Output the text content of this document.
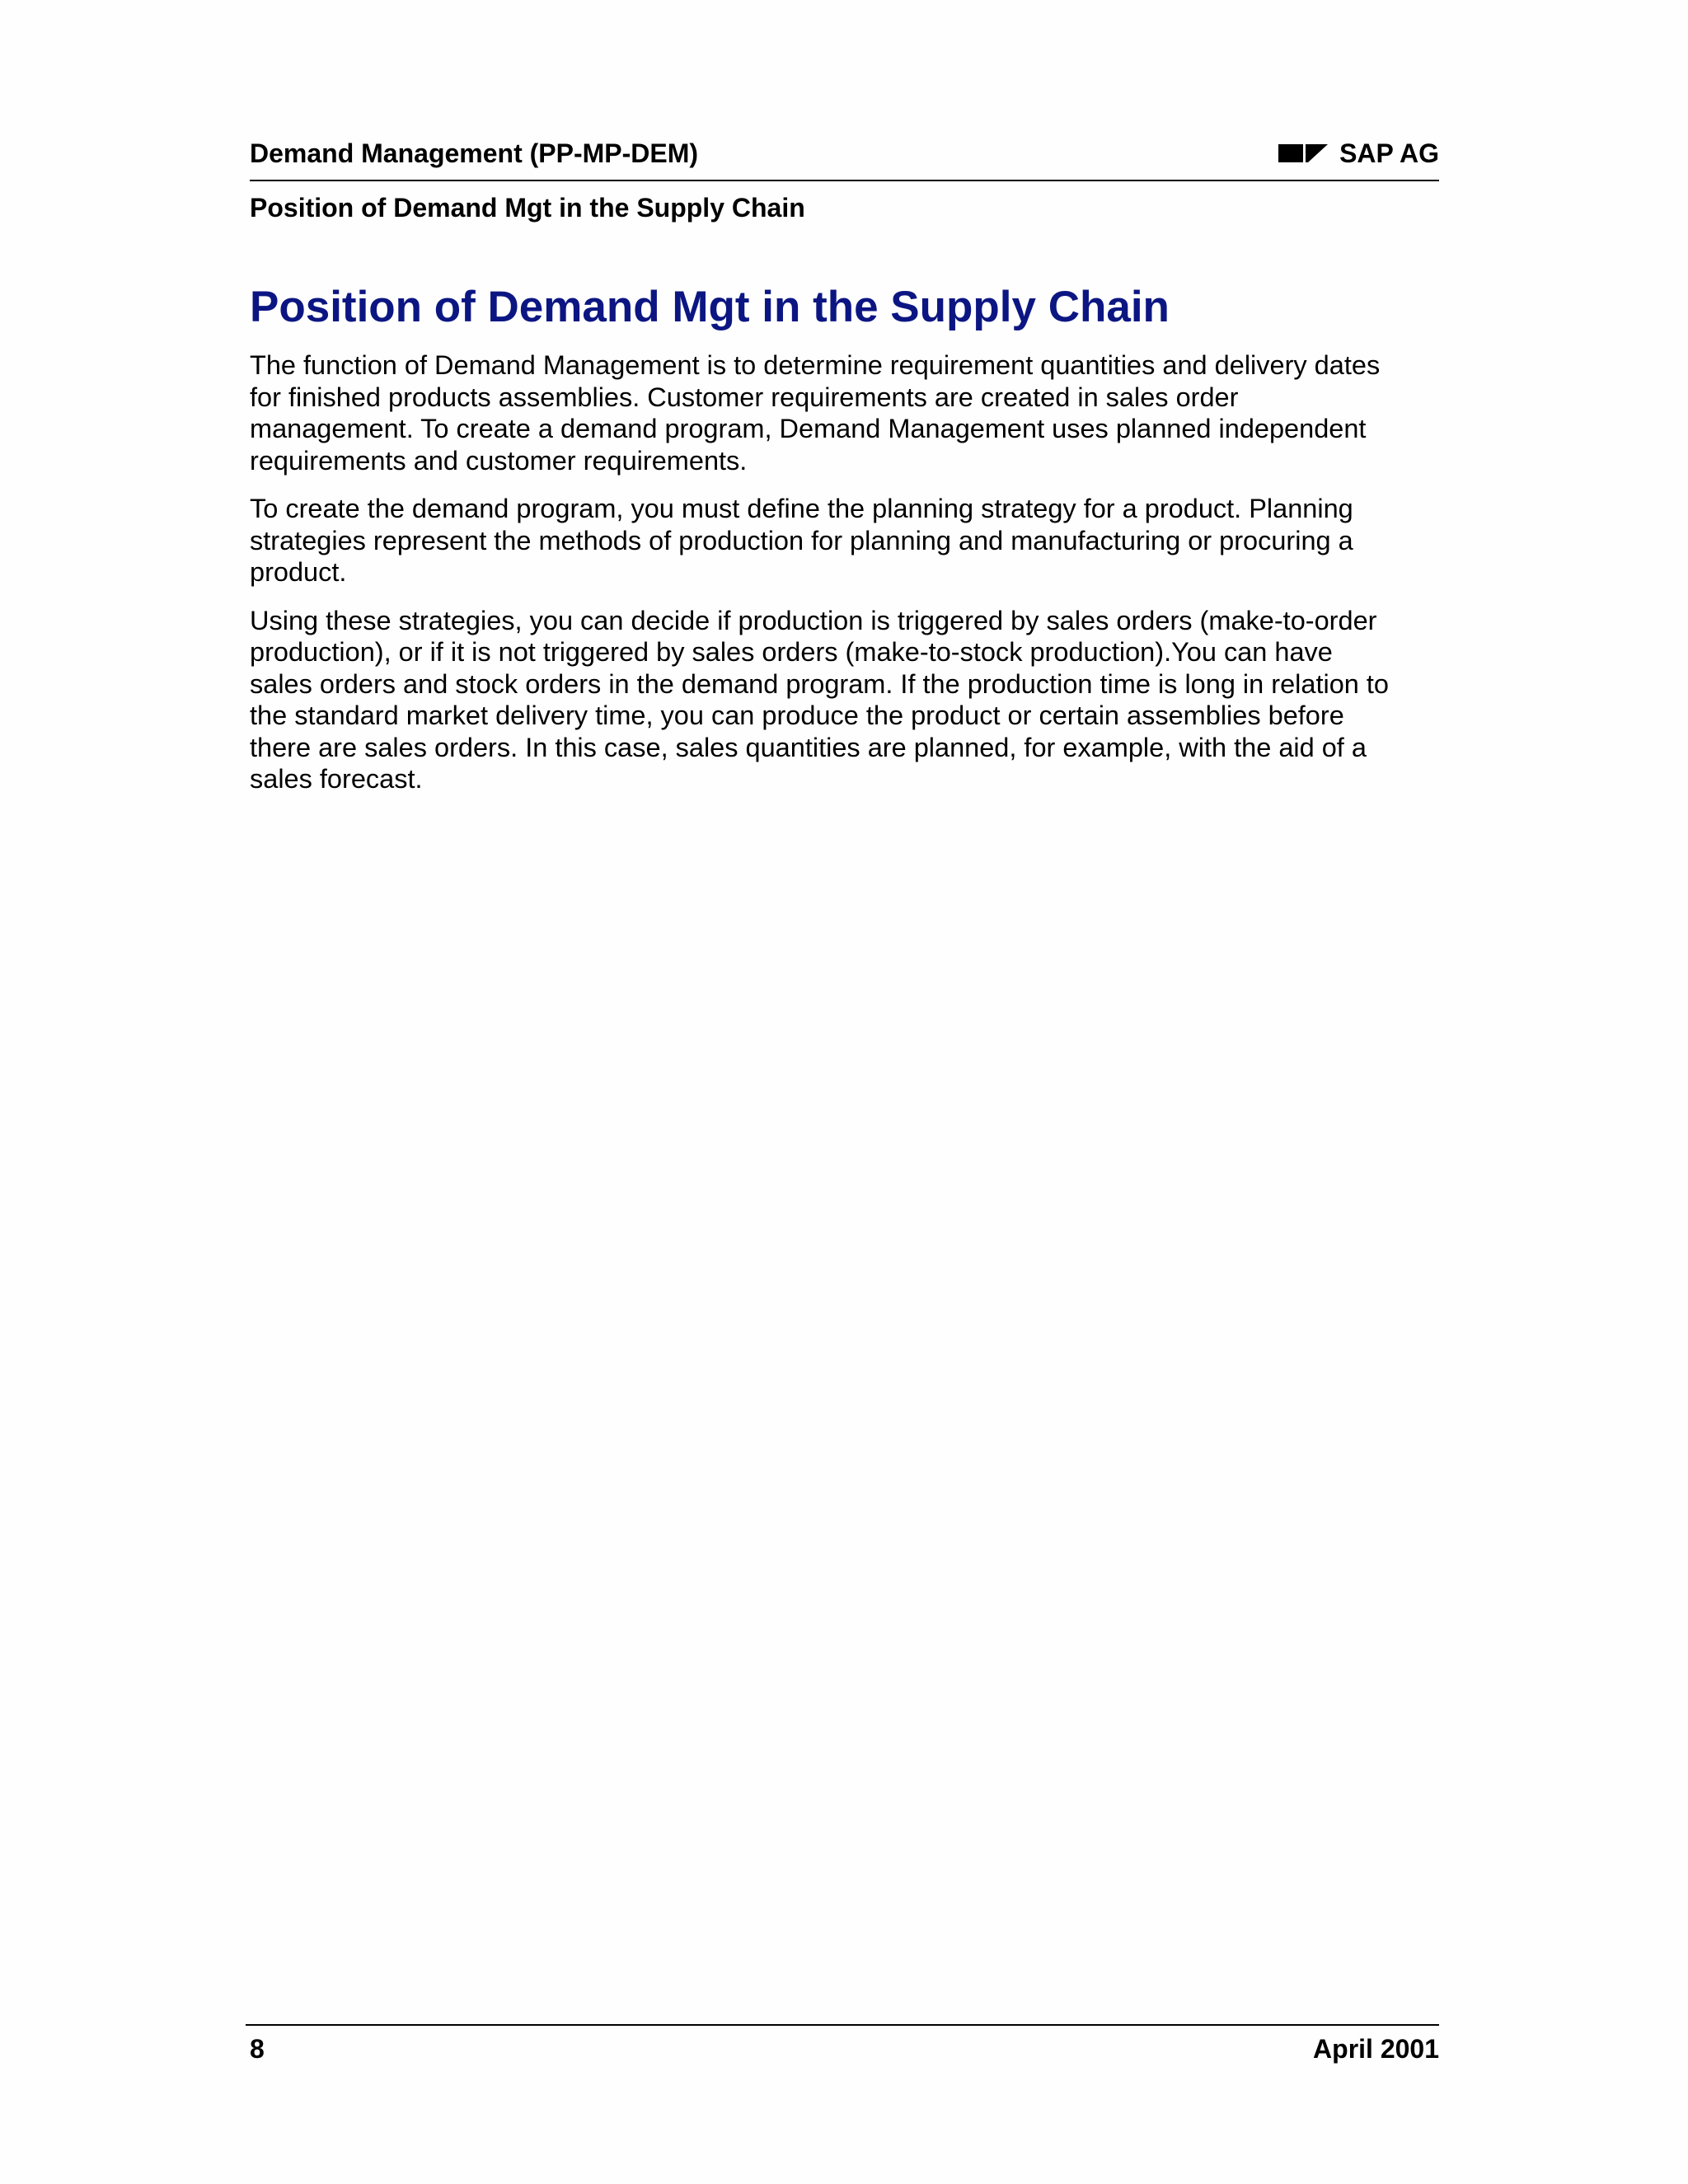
Demand Management (PP-MP-DEM)	SAP AG
Position of Demand Mgt in the Supply Chain
Position of Demand Mgt in the Supply Chain

The function of Demand Management is to determine requirement quantities and delivery dates
for finished products assemblies. Customer requirements are created in sales order
management. To create a demand program, Demand Management uses planned independent
requirements and customer requirements.

To create the demand program, you must define the planning strategy for a product. Planning
strategies represent the methods of production for planning and manufacturing or procuring a
product.

Using these strategies, you can decide if production is triggered by sales orders (make-to-order
production), or if it is not triggered by sales orders (make-to-stock production).You can have
sales orders and stock orders in the demand program. If the production time is long in relation to
the standard market delivery time, you can produce the product or certain assemblies before
there are sales orders. In this case, sales quantities are planned, for example, with the aid of a
sales forecast.

8	April 2001
